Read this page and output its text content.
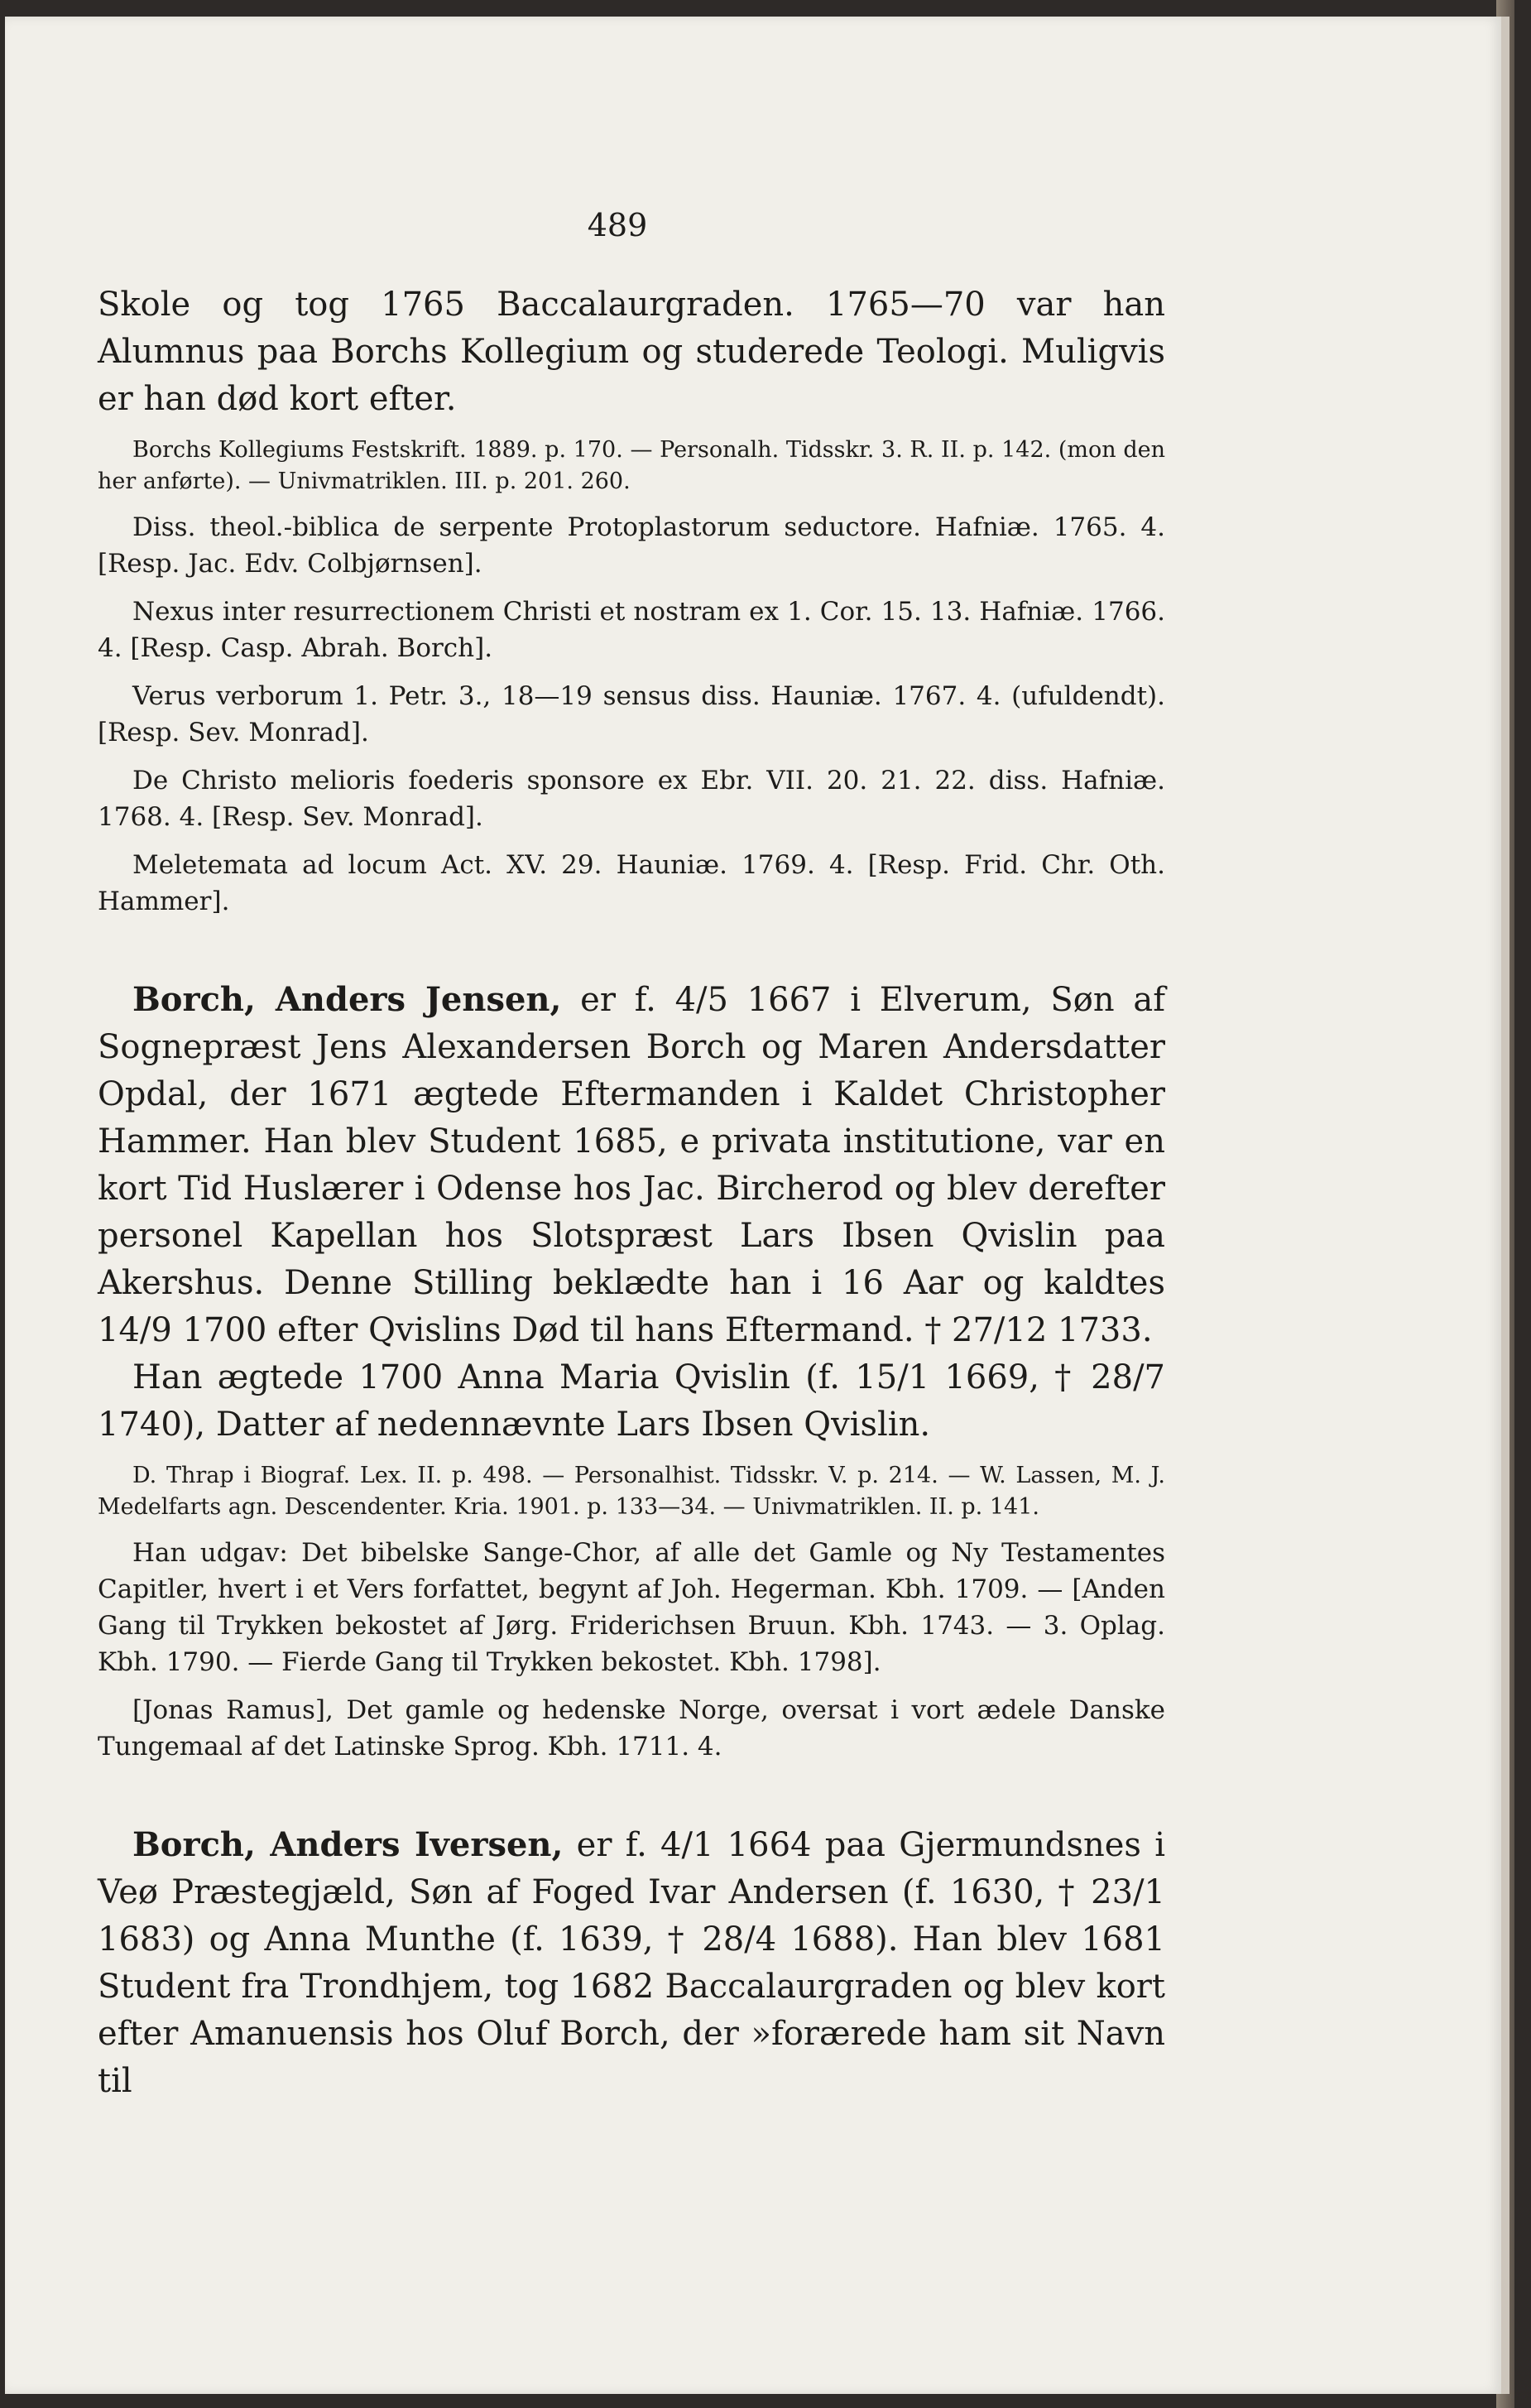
489

Skole og tog 1765 Baccalaurgraden. 1765—70 var han Alumnus paa Borchs Kollegium og studerede Teologi. Muligvis er han død kort efter.

Borchs Kollegiums Festskrift. 1889. p. 170. — Personalh. Tidsskr. 3. R. II. p. 142. (mon den her anførte). — Univmatriklen. III. p. 201. 260.

Diss. theol.-biblica de serpente Protoplastorum seductore. Hafniæ. 1765. 4. [Resp. Jac. Edv. Colbjørnsen].

Nexus inter resurrectionem Christi et nostram ex 1. Cor. 15. 13. Hafniæ. 1766. 4. [Resp. Casp. Abrah. Borch].

Verus verborum 1. Petr. 3., 18—19 sensus diss. Hauniæ. 1767. 4. (ufuldendt). [Resp. Sev. Monrad].

De Christo melioris foederis sponsore ex Ebr. VII. 20. 21. 22. diss. Hafniæ. 1768. 4. [Resp. Sev. Monrad].

Meletemata ad locum Act. XV. 29. Hauniæ. 1769. 4. [Resp. Frid. Chr. Oth. Hammer].

Borch, Anders Jensen, er f. 4/5 1667 i Elverum, Søn af Sognepræst Jens Alexandersen Borch og Maren Andersdatter Opdal, der 1671 ægtede Eftermanden i Kaldet Christopher Hammer. Han blev Student 1685, e privata institutione, var en kort Tid Huslærer i Odense hos Jac. Bircherod og blev derefter personel Kapellan hos Slotspræst Lars Ibsen Qvislin paa Akershus. Denne Stilling beklædte han i 16 Aar og kaldtes 14/9 1700 efter Qvislins Død til hans Eftermand. † 27/12 1733.

Han ægtede 1700 Anna Maria Qvislin (f. 15/1 1669, † 28/7 1740), Datter af nedennævnte Lars Ibsen Qvislin.

D. Thrap i Biograf. Lex. II. p. 498. — Personalhist. Tidsskr. V. p. 214. — W. Lassen, M. J. Medelfarts agn. Descendenter. Kria. 1901. p. 133—34. — Univmatriklen. II. p. 141.

Han udgav: Det bibelske Sange-Chor, af alle det Gamle og Ny Testamentes Capitler, hvert i et Vers forfattet, begynt af Joh. Hegerman. Kbh. 1709. — [Anden Gang til Trykken bekostet af Jørg. Friderichsen Bruun. Kbh. 1743. — 3. Oplag. Kbh. 1790. — Fierde Gang til Trykken bekostet. Kbh. 1798].

[Jonas Ramus], Det gamle og hedenske Norge, oversat i vort ædele Danske Tungemaal af det Latinske Sprog. Kbh. 1711. 4.

Borch, Anders Iversen, er f. 4/1 1664 paa Gjermundsnes i Veø Præstegjæld, Søn af Foged Ivar Andersen (f. 1630, † 23/1 1683) og Anna Munthe (f. 1639, † 28/4 1688). Han blev 1681 Student fra Trondhjem, tog 1682 Baccalaurgraden og blev kort efter Amanuensis hos Oluf Borch, der »forærede ham sit Navn til
